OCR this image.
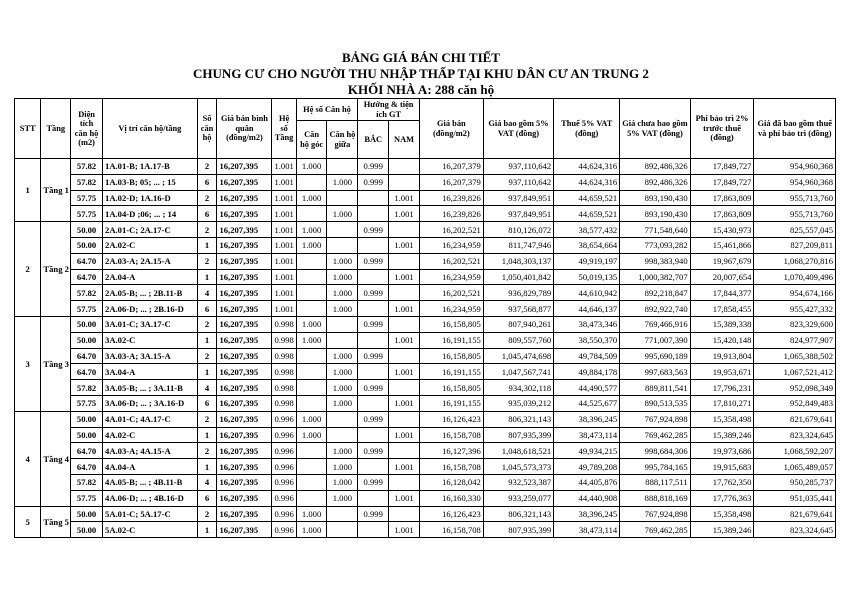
BẢNG GIÁ BÁN CHI TIẾT
CHUNG CƯ CHO NGƯỜI THU NHẬP THẤP TẠI KHU DÂN CƯ AN TRUNG 2
KHỐI NHÀ A: 288 căn hộ
STT	Tầng	Diện tích căn hộ (m2)	Vị trí căn hộ/tầng	Số căn hộ	Giá bán bình quân (đồng/m2)	Hệ số Tầng	Hệ số Căn hộ		Hướng & tiện ích GT		Giá bán (đồng/m2)	Giá bao gồm 5% VAT (đồng)	Thuế 5% VAT (đồng)	Giá chưa bao gồm 5% VAT (đồng)	Phí bảo trì 2% trước thuế (đồng)	Giá đã bao gồm thuế và phí bảo trì (đồng)
							Căn hộ góc	Căn hộ giữa	BẮC	NAM						
1	Tầng 1	57.82	1A.01-B; 1A.17-B	2	16,207,395	1.001	1.000		0.999		16,207,379	937,110,642	44,624,316	892,486,326	17,849,727	954,960,368
		57.82	1A.03-B; 05; ... ; 15	6	16,207,395	1.001		1.000	0.999		16,207,379	937,110,642	44,624,316	892,486,326	17,849,727	954,960,368
		57.75	1A.02-D; 1A.16-D	2	16,207,395	1.001	1.000			1.001	16,239,826	937,849,951	44,659,521	893,190,430	17,863,809	955,713,760
		57.75	1A.04-D ;06; ... ; 14	6	16,207,395	1.001		1.000		1.001	16,239,826	937,849,951	44,659,521	893,190,430	17,863,809	955,713,760
2	Tầng 2	50.00	2A.01-C; 2A.17-C	2	16,207,395	1.001	1.000		0.999		16,202,521	810,126,072	38,577,432	771,548,640	15,430,973	825,557,045
		50.00	2A.02-C	1	16,207,395	1.001	1.000			1.001	16,234,959	811,747,946	38,654,664	773,093,282	15,461,866	827,209,811
		64.70	2A.03-A; 2A.15-A	2	16,207,395	1.001		1.000	0.999		16,202,521	1,048,303,137	49,919,197	998,383,940	19,967,679	1,068,270,816
		64.70	2A.04-A	1	16,207,395	1.001		1.000		1.001	16,234,959	1,050,401,842	50,019,135	1,000,382,707	20,007,654	1,070,409,496
		57.82	2A.05-B; ... ; 2B.11-B	4	16,207,395	1.001		1.000	0.999		16,202,521	936,829,789	44,610,942	892,218,847	17,844,377	954,674,166
		57.75	2A.06-D; ... ; 2B.16-D	6	16,207,395	1.001		1.000		1.001	16,234,959	937,568,877	44,646,137	892,922,740	17,858,455	955,427,332
3	Tầng 3	50.00	3A.01-C; 3A.17-C	2	16,207,395	0.998	1.000		0.999		16,158,805	807,940,261	38,473,346	769,466,916	15,389,338	823,329,600
		50.00	3A.02-C	1	16,207,395	0.998	1.000			1.001	16,191,155	809,557,760	38,550,370	771,007,390	15,420,148	824,977,907
		64.70	3A.03-A; 3A.15-A	2	16,207,395	0.998		1.000	0.999		16,158,805	1,045,474,698	49,784,509	995,690,189	19,913,804	1,065,388,502
		64.70	3A.04-A	1	16,207,395	0.998		1.000		1.001	16,191,155	1,047,567,741	49,884,178	997,683,563	19,953,671	1,067,521,412
		57.82	3A.05-B; ... ; 3A.11-B	4	16,207,395	0.998		1.000	0.999		16,158,805	934,302,118	44,490,577	889,811,541	17,796,231	952,098,349
		57.75	3A.06-D; ... ; 3A.16-D	6	16,207,395	0.998		1.000		1.001	16,191,155	935,039,212	44,525,677	890,513,535	17,810,271	952,849,483
4	Tầng 4	50.00	4A.01-C; 4A.17-C	2	16,207,395	0.996	1.000		0.999		16,126,423	806,321,143	38,396,245	767,924,898	15,358,498	821,679,641
		50.00	4A.02-C	1	16,207,395	0.996	1.000			1.001	16,158,708	807,935,399	38,473,114	769,462,285	15,389,246	823,324,645
		64.70	4A.03-A; 4A.15-A	2	16,207,395	0.996		1.000	0.999		16,127,396	1,048,618,521	49,934,215	998,684,306	19,973,686	1,068,592,207
		64.70	4A.04-A	1	16,207,395	0.996		1.000		1.001	16,158,708	1,045,573,373	49,789,208	995,784,165	19,915,683	1,065,489,057
		57.82	4A.05-B; ... ; 4B.11-B	4	16,207,395	0.996		1.000	0.999		16,128,042	932,523,387	44,405,876	888,117,511	17,762,350	950,285,737
		57.75	4A.06-D; ... ; 4B.16-D	6	16,207,395	0.996		1.000		1.001	16,160,330	933,259,077	44,440,908	888,818,169	17,776,363	951,035,441
5	Tầng 5	50.00	5A.01-C; 5A.17-C	2	16,207,395	0.996	1.000		0.999		16,126,423	806,321,143	38,396,245	767,924,898	15,358,498	821,679,641
		50.00	5A.02-C	1	16,207,395	0.996	1.000			1.001	16,158,708	807,935,399	38,473,114	769,462,285	15,389,246	823,324,645
